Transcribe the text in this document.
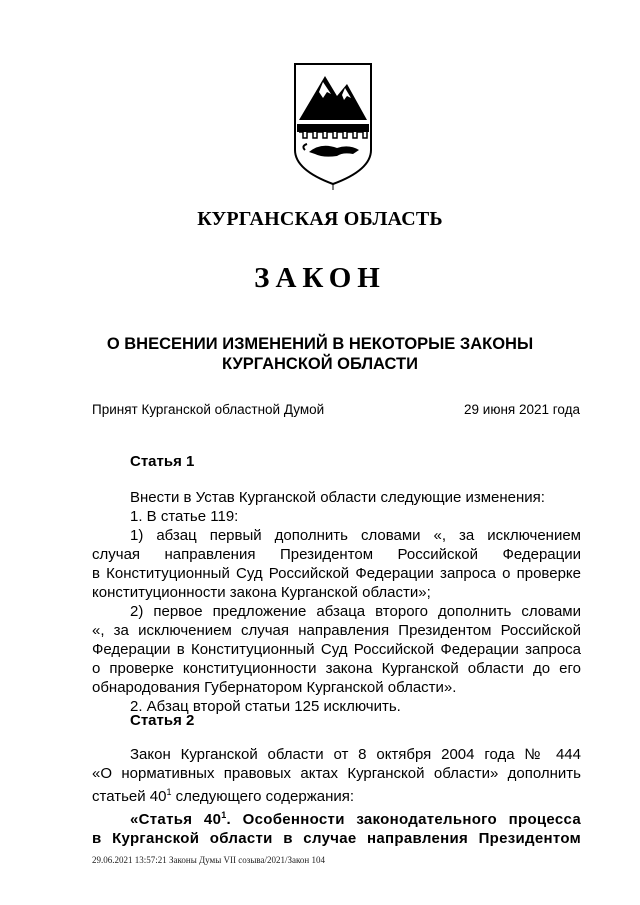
КУРГАНСКАЯ ОБЛАСТЬ
ЗАКОН
О ВНЕСЕНИИ ИЗМЕНЕНИЙ В НЕКОТОРЫЕ ЗАКОНЫ
КУРГАНСКОЙ ОБЛАСТИ
Принят Курганской областной Думой	29 июня 2021 года
Статья 1
Внести в Устав Курганской области следующие изменения:
1. В статье 119:
1) абзац первый дополнить словами «, за исключением
случая направления Президентом Российской Федерации
в Конституционный Суд Российской Федерации запроса о проверке
конституционности закона Курганской области»;
2) первое предложение абзаца второго дополнить словами
«, за исключением случая направления Президентом Российской
Федерации в Конституционный Суд Российской Федерации запроса
о проверке конституционности закона Курганской области до его
обнародования Губернатором Курганской области».
2. Абзац второй статьи 125 исключить.
Статья 2
Закон Курганской области от 8 октября 2004 года № 444
«О нормативных правовых актах Курганской области» дополнить
статьей $40^1$ следующего содержания:
«Статья $40^1$. Особенности законодательного процесса
в Курганской области в случае направления Президентом
29.06.2021 13:57:21 Законы Думы VII созыва/2021/Закон 104
